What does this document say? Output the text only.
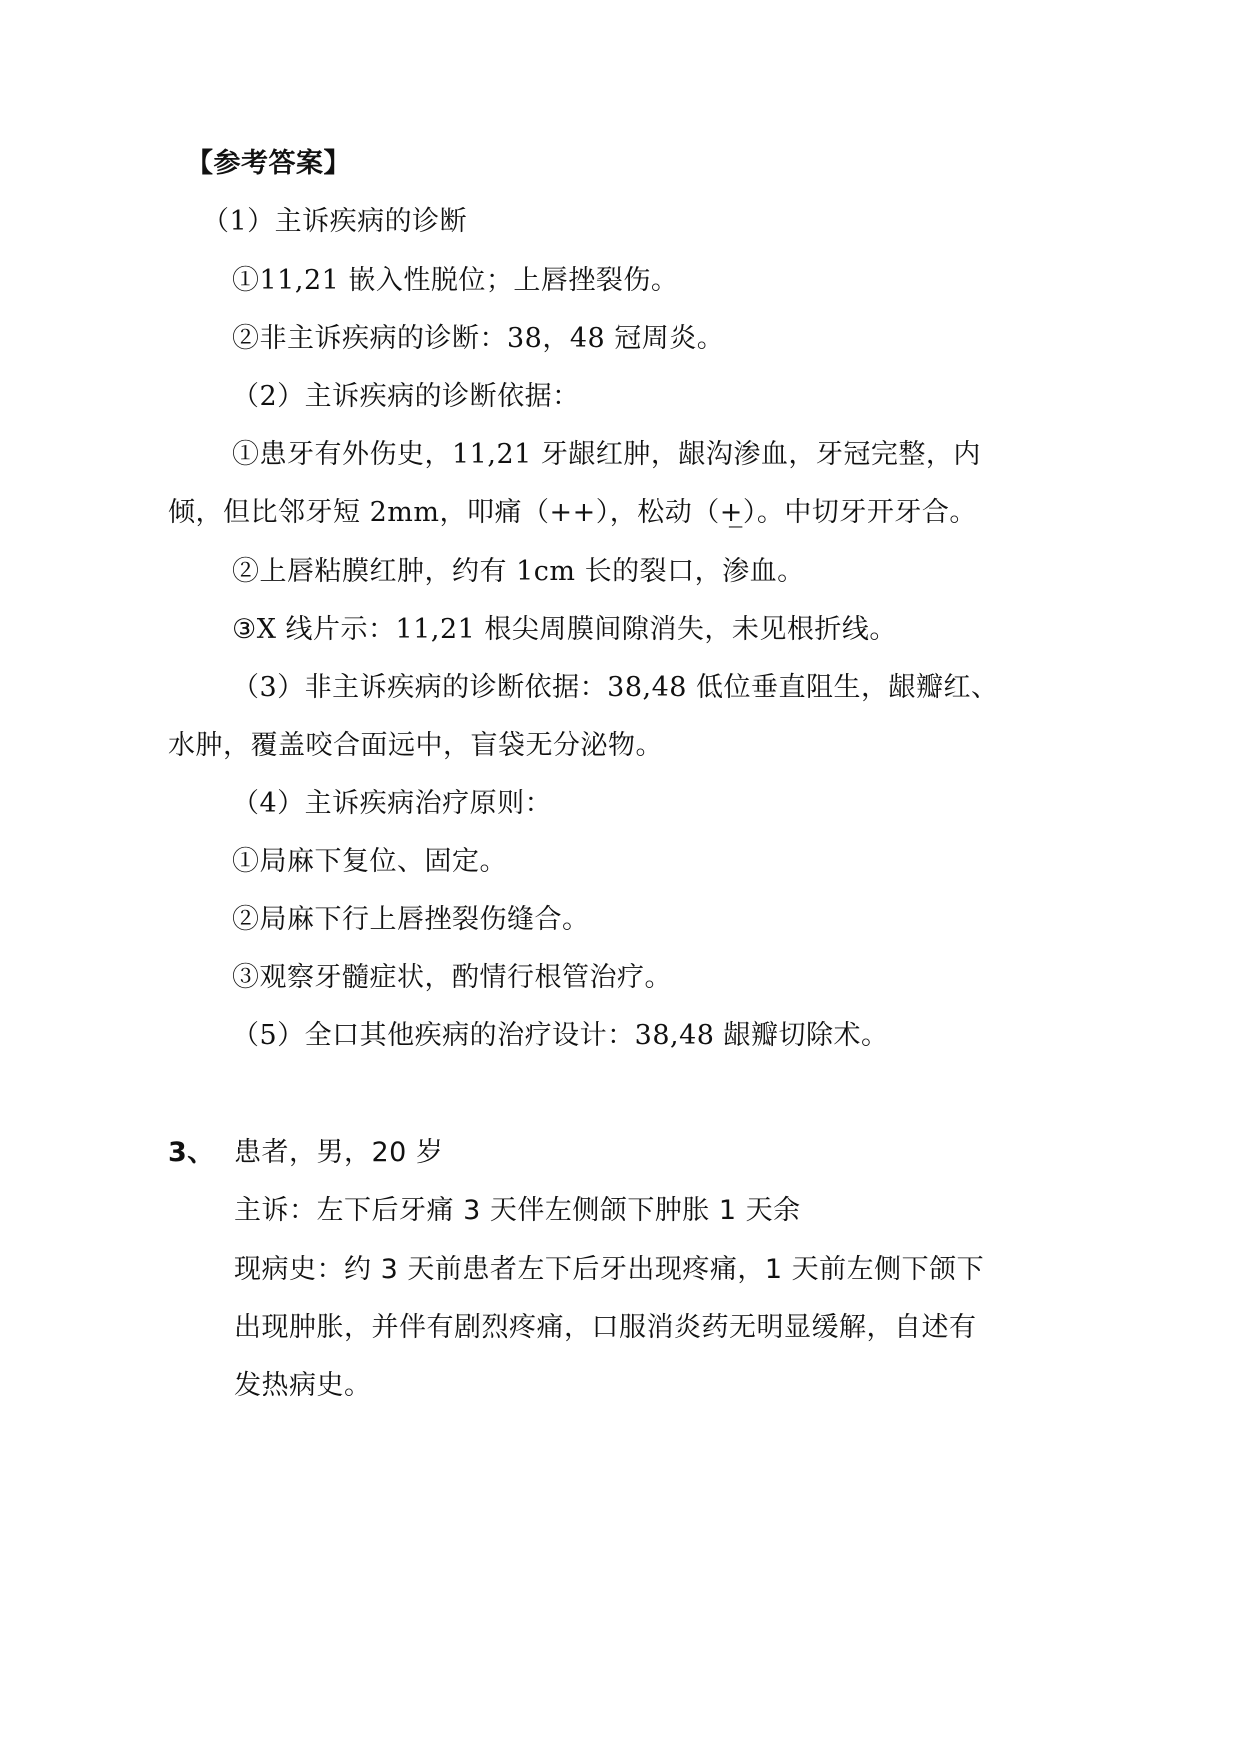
【参考答案】
（1）主诉疾病的诊断
①11,21 嵌入性脱位；上唇挫裂伤。
②非主诉疾病的诊断：38，48 冠周炎。
（2）主诉疾病的诊断依据：
①患牙有外伤史，11,21 牙龈红肿，龈沟渗血，牙冠完整，内
倾，但比邻牙短 2mm，叩痛（++），松动（+̲）。中切牙开牙合。
②上唇粘膜红肿，约有 1cm 长的裂口，渗血。
③X 线片示：11,21 根尖周膜间隙消失，未见根折线。
（3）非主诉疾病的诊断依据：38,48 低位垂直阻生，龈瓣红、
水肿，覆盖咬合面远中，盲袋无分泌物。
（4）主诉疾病治疗原则：
①局麻下复位、固定。
②局麻下行上唇挫裂伤缝合。
③观察牙髓症状，酌情行根管治疗。
（5）全口其他疾病的治疗设计：38,48 龈瓣切除术。
3、 患者，男，20 岁
主诉：左下后牙痛 3 天伴左侧颌下肿胀 1 天余
现病史：约 3 天前患者左下后牙出现疼痛，1 天前左侧下颌下
出现肿胀，并伴有剧烈疼痛，口服消炎药无明显缓解，自述有
发热病史。
